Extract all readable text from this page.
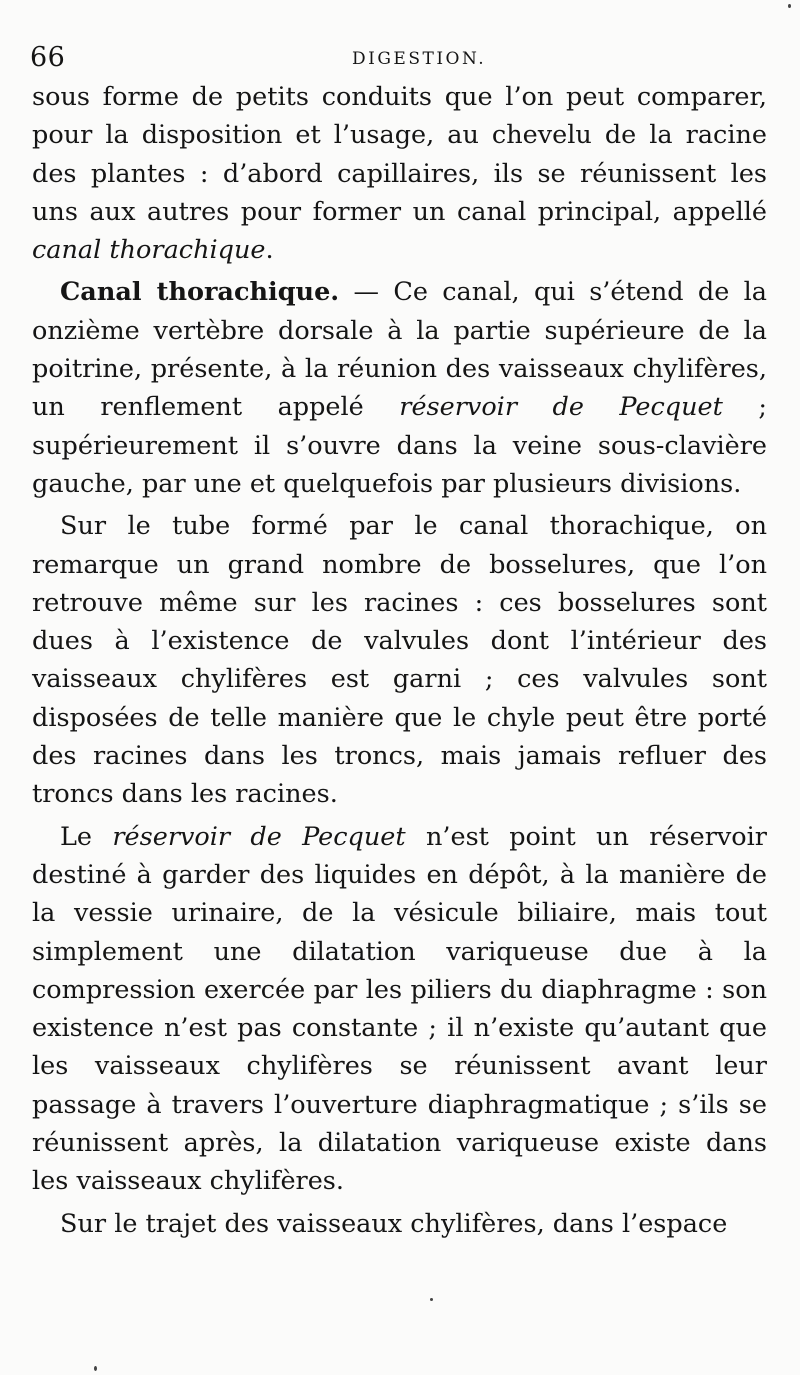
66	DIGESTION.

sous forme de petits conduits que l’on peut comparer, pour la disposition et l’usage, au chevelu de la racine des plantes : d’abord capillaires, ils se réunissent les uns aux autres pour former un canal principal, appellé canal thorachique.

Canal thorachique. — Ce canal, qui s’étend de la onzième vertèbre dorsale à la partie supérieure de la poitrine, présente, à la réunion des vaisseaux chylifères, un renflement appelé réservoir de Pecquet ; supérieurement il s’ouvre dans la veine sous-clavière gauche, par une et quelquefois par plusieurs divisions.

Sur le tube formé par le canal thorachique, on remarque un grand nombre de bosselures, que l’on retrouve même sur les racines : ces bosselures sont dues à l’existence de valvules dont l’intérieur des vaisseaux chylifères est garni ; ces valvules sont disposées de telle manière que le chyle peut être porté des racines dans les troncs, mais jamais refluer des troncs dans les racines.

Le réservoir de Pecquet n’est point un réservoir destiné à garder des liquides en dépôt, à la manière de la vessie urinaire, de la vésicule biliaire, mais tout simplement une dilatation variqueuse due à la compression exercée par les piliers du diaphragme : son existence n’est pas constante ; il n’existe qu’autant que les vaisseaux chylifères se réunissent avant leur passage à travers l’ouverture diaphragmatique ; s’ils se réunissent après, la dilatation variqueuse existe dans les vaisseaux chylifères.

Sur le trajet des vaisseaux chylifères, dans l’espace
